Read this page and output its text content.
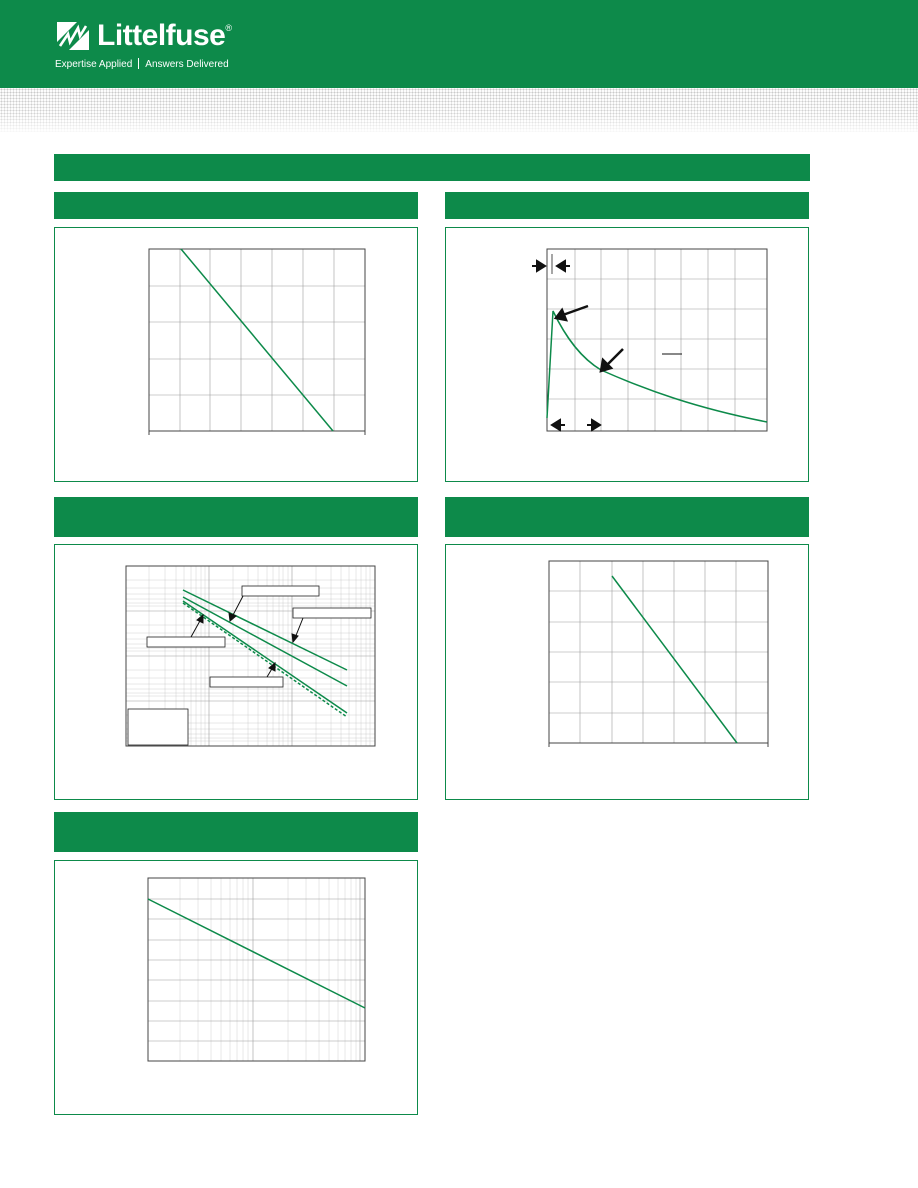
Littelfuse®
Expertise Applied Answers Delivered
